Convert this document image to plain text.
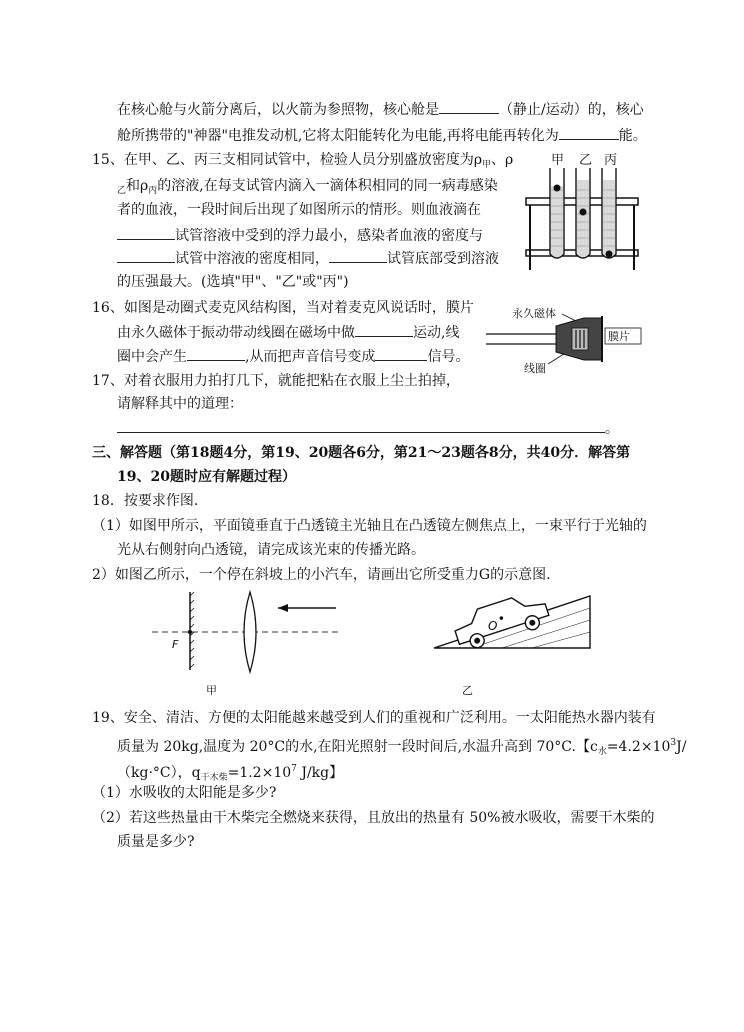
在核心舱与火箭分离后，以火箭为参照物，核心舱是	（静止/运动）的，核心
舱所携带的"神器"电推发动机,它将太阳能转化为电能,再将电能再转化为	能。
15、在甲、乙、丙三支相同试管中，检验人员分别盛放密度为$\rho_甲$、ρ
$_乙$和$\rho_丙$的溶液,在每支试管内滴入一滴体积相同的同一病毒感染
者的血液，一段时间后出现了如图所示的情形。则血液滴在
试管溶液中受到的浮力最小，感染者血液的密度与
试管中溶液的密度相同，	试管底部受到溶液
的压强最大。(选填"甲"、"乙"或"丙")
甲 乙 丙
16、如图是动圈式麦克风结构图，当对着麦克风说话时，膜片
由永久磁体于振动带动线圈在磁场中做	运动,线
圈中会产生	,从而把声音信号变成	信号。
永久磁体
膜片
线圈
17、对着衣服用力拍打几下，就能把粘在衣服上尘土拍掉，
请解释其中的道理：
。
三、解答题（第18题4分，第19、20题各6分，第21～23题各8分，共40分．解答第
19、20题时应有解题过程）
18．按要求作图.
（1）如图甲所示，平面镜垂直于凸透镜主光轴且在凸透镜左侧焦点上，一束平行于光轴的
光从右侧射向凸透镜，请完成该光束的传播光路。
2）如图乙所示，一个停在斜坡上的小汽车，请画出它所受重力G的示意图.
F
甲
O
乙
19、安全、清洁、方便的太阳能越来越受到人们的重视和广泛利用。一太阳能热水器内装有
质量为 20kg,温度为 20°C的水,在阳光照射一段时间后,水温升高到 70°C.【$c_水=4.2\times 10^3J/$
（kg·°C），$q_{干木柴}=1.2\times 10^7$ J/kg】
（1）水吸收的太阳能是多少?
（2）若这些热量由干木柴完全燃烧来获得，且放出的热量有 50%被水吸收，需要干木柴的
质量是多少?
